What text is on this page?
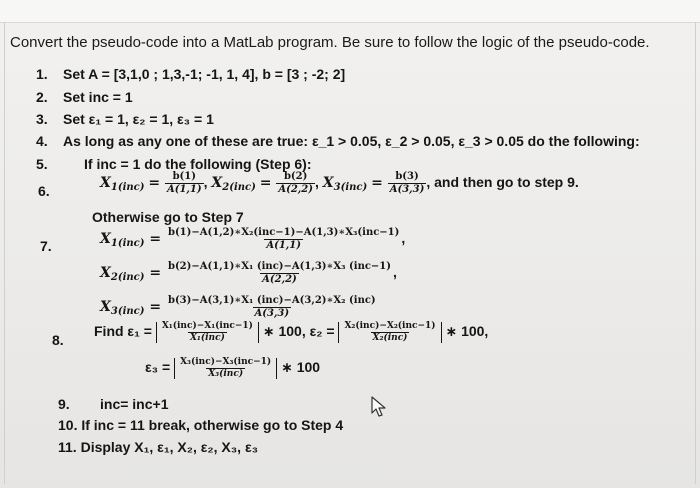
Convert the pseudo-code into a MatLab program. Be sure to follow the logic of the pseudo-code.
1. Set A = [3,1,0 ; 1,3,-1; -1, 1, 4], b = [3 ; -2; 2]
2. Set inc = 1
3. Set ε₁ = 1, ε₂ = 1, ε₃ = 1
4. As long as any one of these are true: ε_1 > 0.05, ε_2 > 0.05, ε_3 > 0.05 do the following:
5.	If inc = 1 do the following (Step 6):
6.	$X_{1(inc)} = \frac{b(1)}{A(1,1)}$ , $X_{2(inc)} = \frac{b(2)}{A(2,2)}$ , $X_{3(inc)} = \frac{b(3)}{A(3,3)}$ , and then go to step 9.
Otherwise go to Step 7
7.	$X_{1(inc)} = \frac{\text{b(1)−A(1,2)∗X₂(inc−1)−A(1,3)∗X₃(inc−1)}}{A(1,1)}$ ,
$X_{2(inc)} = \frac{\text{b(2)−A(1,1)∗X₁ (inc)−A(1,3)∗X₃ (inc−1)}}{A(2,2)}$ ,
$X_{3(inc)} = \frac{\text{b(3)−A(3,1)∗X₁ (inc)−A(3,2)∗X₂ (inc)}}{A(3,3)}$
8.
Find $\varepsilon_1 = \frac{\text{X₁(inc)−X₁(inc−1)}}{\text{X₁(inc)}}$ ∗ 100, $\varepsilon_2 = \frac{\text{X₂(inc)−X₂(inc−1)}}{\text{X₂(inc)}}$ ∗ 100,
$\varepsilon_3 = \frac{\text{X₃(inc)−X₃(inc−1)}}{\text{X₃(inc)}}$ ∗ 100
9. inc= inc+1
10. If inc = 11 break, otherwise go to Step 4
11. Display X₁, ε₁, X₂, ε₂, X₃, ε₃
